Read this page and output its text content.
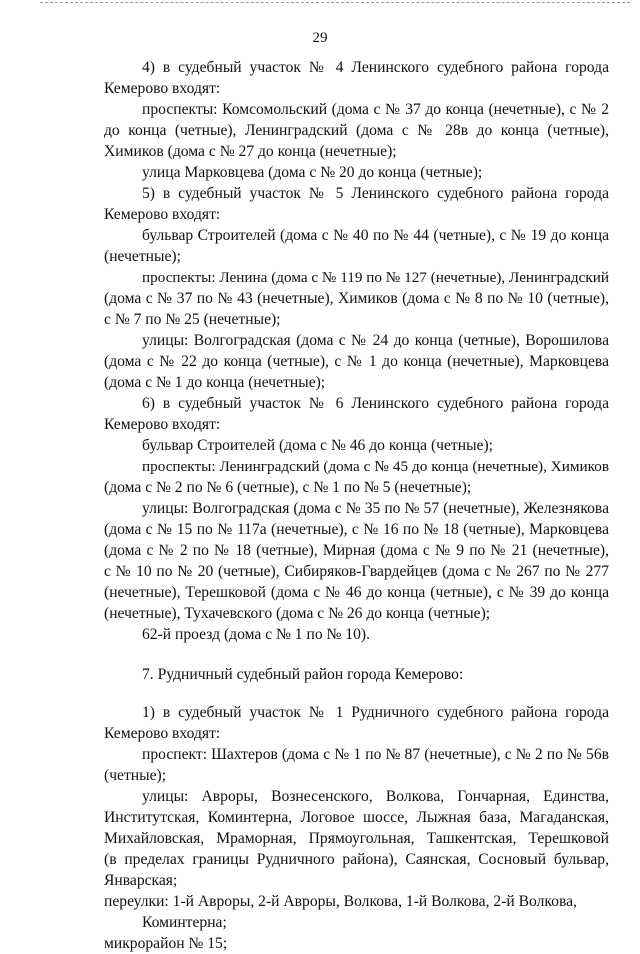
29
4) в судебный участок № 4 Ленинского судебного района города
Кемерово входят:
проспекты: Комсомольский (дома с № 37 до конца (нечетные), с № 2
до конца (четные), Ленинградский (дома с № 28в до конца (четные),
Химиков (дома с № 27 до конца (нечетные);
улица Марковцева (дома с № 20 до конца (четные);
5) в судебный участок № 5 Ленинского судебного района города
Кемерово входят:
бульвар Строителей (дома с № 40 по № 44 (четные), с № 19 до конца
(нечетные);
проспекты: Ленина (дома с № 119 по № 127 (нечетные), Ленинградский
(дома с № 37 по № 43 (нечетные), Химиков (дома с № 8 по № 10 (четные),
с № 7 по № 25 (нечетные);
улицы: Волгоградская (дома с № 24 до конца (четные), Ворошилова
(дома с № 22 до конца (четные), с № 1 до конца (нечетные), Марковцева
(дома с № 1 до конца (нечетные);
6) в судебный участок № 6 Ленинского судебного района города
Кемерово входят:
бульвар Строителей (дома с № 46 до конца (четные);
проспекты: Ленинградский (дома с № 45 до конца (нечетные), Химиков
(дома с № 2 по № 6 (четные), с № 1 по № 5 (нечетные);
улицы: Волгоградская (дома с № 35 по № 57 (нечетные), Железнякова
(дома с № 15 по № 117а (нечетные), с № 16 по № 18 (четные), Марковцева
(дома с № 2 по № 18 (четные), Мирная (дома с № 9 по № 21 (нечетные),
с № 10 по № 20 (четные), Сибиряков-Гвардейцев (дома с № 267 по № 277
(нечетные), Терешковой (дома с № 46 до конца (четные), с № 39 до конца
(нечетные), Тухачевского (дома с № 26 до конца (четные);
62-й проезд (дома с № 1 по № 10).
7. Рудничный судебный район города Кемерово:
1) в судебный участок № 1 Рудничного судебного района города
Кемерово входят:
проспект: Шахтеров (дома с № 1 по № 87 (нечетные), с № 2 по № 56в
(четные);
улицы: Авроры, Вознесенского, Волкова, Гончарная, Единства,
Институтская, Коминтерна, Логовое шоссе, Лыжная база, Магаданская,
Михайловская, Мраморная, Прямоугольная, Ташкентская, Терешковой
(в пределах границы Рудничного района), Саянская, Сосновый бульвар,
Январская;
переулки: 1-й Авроры, 2-й Авроры, Волкова, 1-й Волкова, 2-й Волкова,
Коминтерна;
микрорайон № 15;
